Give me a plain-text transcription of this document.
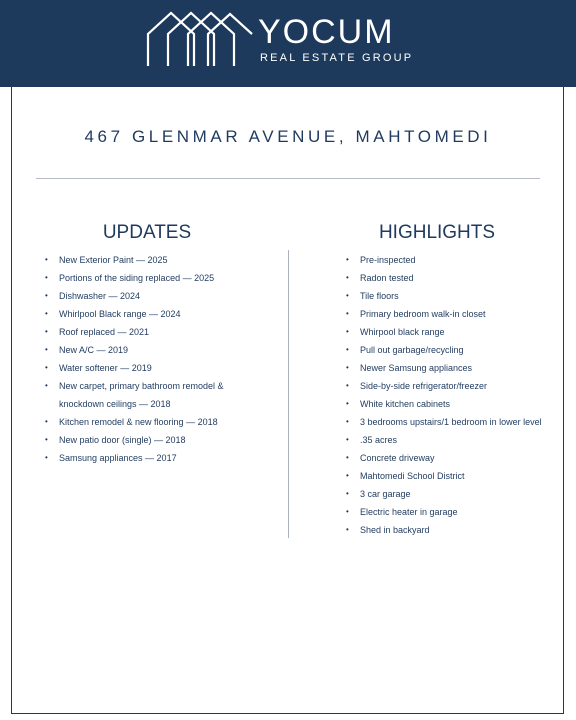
YOCUM
REAL ESTATE GROUP
467 GLENMAR AVENUE, MAHTOMEDI
UPDATES	HIGHLIGHTS
• New Exterior Paint — 2025
• Portions of the siding replaced — 2025
• Dishwasher — 2024
• Whirlpool Black range — 2024
• Roof replaced — 2021
• New A/C — 2019
• Water softener — 2019
• New carpet, primary bathroom remodel &
knockdown ceilings — 2018
• Kitchen remodel & new flooring — 2018
• New patio door (single) — 2018
• Samsung appliances — 2017
• Pre-inspected
• Radon tested
• Tile floors
• Primary bedroom walk-in closet
• Whirpool black range
• Pull out garbage/recycling
• Newer Samsung appliances
• Side-by-side refrigerator/freezer
• White kitchen cabinets
• 3 bedrooms upstairs/1 bedroom in lower level
• .35 acres
• Concrete driveway
• Mahtomedi School District
• 3 car garage
• Electric heater in garage
• Shed in backyard
